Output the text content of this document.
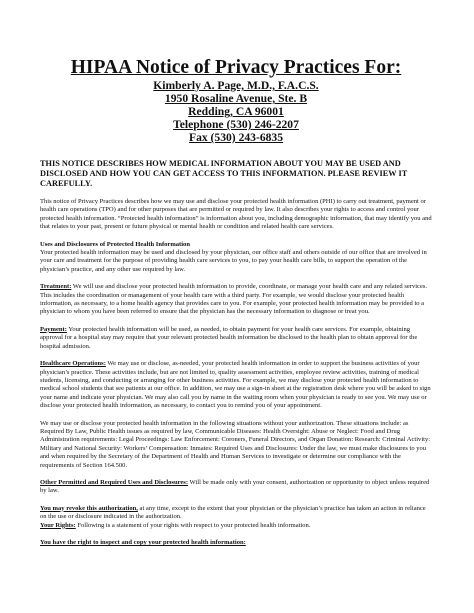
HIPAA Notice of Privacy Practices For:
Kimberly A. Page, M.D., F.A.C.S.
1950 Rosaline Avenue, Ste. B
Redding, CA 96001
Telephone (530) 246-2207
Fax (530) 243-6835
THIS NOTICE DESCRIBES HOW MEDICAL INFORMATION ABOUT YOU MAY BE USED AND DISCLOSED AND HOW YOU CAN GET ACCESS TO THIS INFORMATION. PLEASE REVIEW IT CAREFULLY.

This notice of Privacy Practices describes how we may use and disclose your protected health information (PHI) to carry out treatment, payment or health care operations (TPO) and for other purposes that are permitted or required by law. It also describes your rights to access and control your protected health information. “Protected health information” is information about you, including demographic information, that may identify you and that relates to your past, present or future physical or mental health or condition and related health care services.

Uses and Disclosures of Protected Health Information

Your protected health information may be used and disclosed by your physician, our office staff and others outside of our office that are involved in your care and treatment for the purpose of providing health care services to you, to pay your health care bills, to support the operation of the physician’s practice, and any other use required by law.

Treatment: We will use and disclose your protected health information to provide, coordinate, or manage your health care and any related services. This includes the coordination or management of your health care with a third party. For example, we would disclose your protected health information, as necessary, to a home health agency that provides care to you. For example, your protected health information may be provided to a physician to whom you have been referred to ensure that the physician has the necessary information to diagnose or treat you.

Payment: Your protected health information will be used, as needed, to obtain payment for your health care services. For example, obtaining approval for a hospital stay may require that your relevant protected health information be disclosed to the health plan to obtain approval for the hospital admission.

Healthcare Operations: We may use or disclose, as-needed, your protected health information in order to support the business activities of your physician’s practice. These activities include, but are not limited to, quality assessment activities, employee review activities, training of medical students, licensing, and conducting or arranging for other business activities. For example, we may disclose your protected health information to medical school students that see patients at our office. In addition, we may use a sign-in sheet at the registration desk where you will be asked to sign your name and indicate your physician. We may also call you by name in the waiting room when your physician is ready to see you. We may use or disclose your protected health information, as necessary, to contact you to remind you of your appointment.

We may use or disclose your protected health information in the following situations without your authorization. These situations include: as Required By Law, Public Health issues as required by law, Communicable Diseases: Health Oversight: Abuse or Neglect: Food and Drug Administration requirements: Legal Proceedings: Law Enforcement: Coroners, Funeral Directors, and Organ Donation: Research: Criminal Activity: Military and National Security: Workers’ Compensation: Inmates: Required Uses and Disclosures: Under the law, we must make disclosures to you and when required by the Secretary of the Department of Health and Human Services to investigate or determine our compliance with the requirements of Section 164.500.

Other Permitted and Required Uses and Disclosures: Will be made only with your consent, authorization or opportunity to object unless required by law.

You may revoke this authorization, at any time, except to the extent that your physician or the physician’s practice has taken an action in reliance on the use or disclosure indicated in the authorization.

Your Rights: Following is a statement of your rights with respect to your protected health information.

You have the right to inspect and copy your protected health information:
